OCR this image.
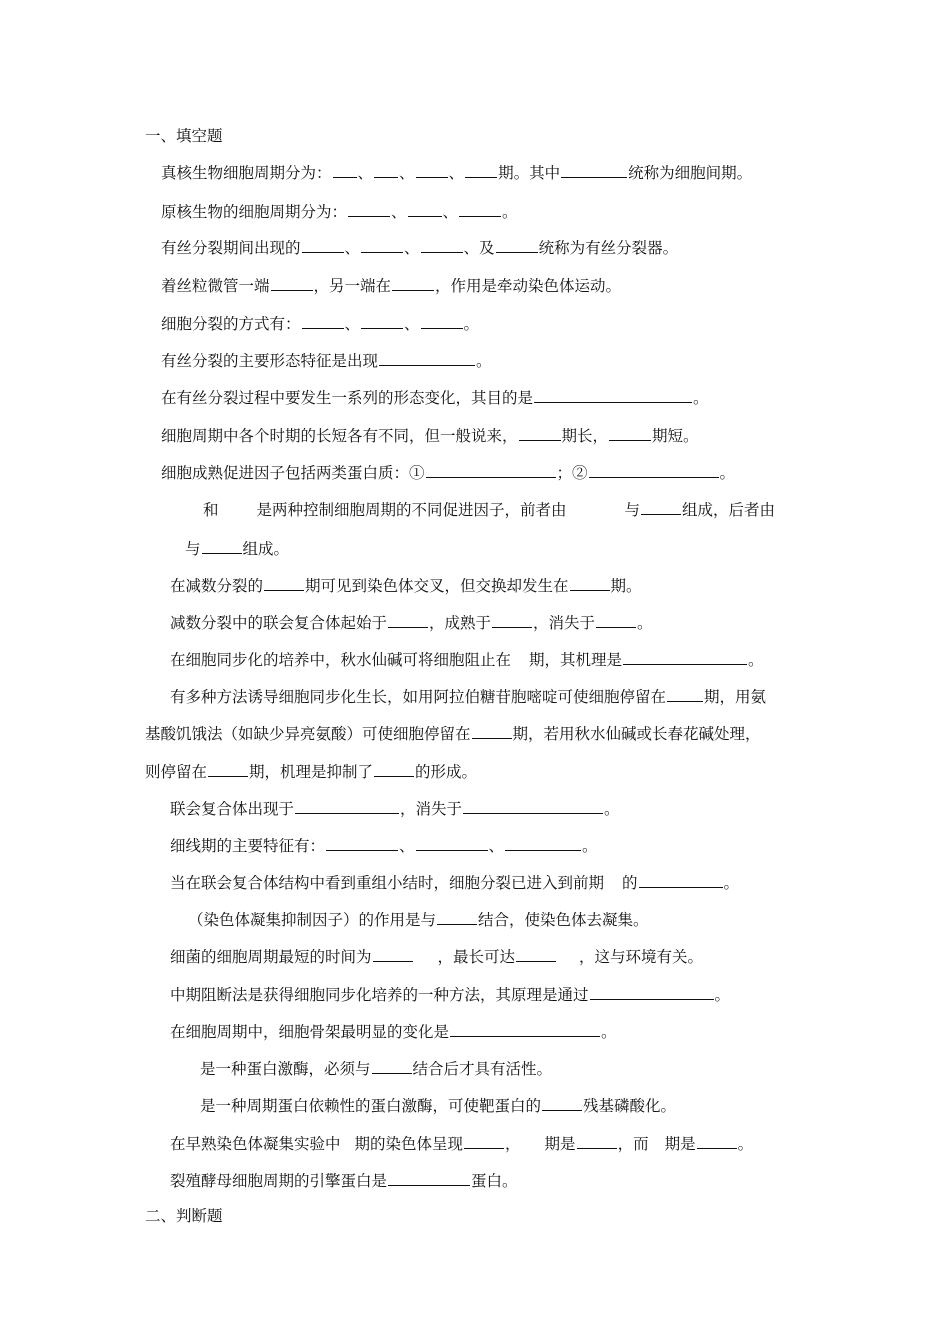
一、填空题
真核生物细胞周期分为： 、 、 、 期。其中	统称为细胞间期。
原核生物的细胞周期分为：	、 、	。
有丝分裂期间出现的	、	、	、及	统称为有丝分裂器。
着丝粒微管一端	，另一端在	，作用是牵动染色体运动。
细胞分裂的方式有：	、	、	。
有丝分裂的主要形态特征是出现	。
在有丝分裂过程中要发生一系列的形态变化，其目的是	。
细胞周期中各个时期的长短各有不同，但一般说来，	期长，	期短。
细胞成熟促进因子包括两类蛋白质：①	；②	。
和 是两种控制细胞周期的不同促进因子，前者由	与	组成，后者由
与	组成。
在减数分裂的	期可见到染色体交叉，但交换却发生在	期。
减数分裂中的联会复合体起始于	，成熟于	，消失于	。
在细胞同步化的培养中，秋水仙碱可将细胞阻止在 期，其机理是	。
有多种方法诱导细胞同步化生长，如用阿拉伯糖苷胞嘧啶可使细胞停留在 期，用氨
基酸饥饿法（如缺少异亮氨酸）可使细胞停留在	期，若用秋水仙碱或长春花碱处理，
则停留在	期，机理是抑制了	的形成。
联会复合体出现于	，消失于	。
细线期的主要特征有：	、	、	。
当在联会复合体结构中看到重组小结时，细胞分裂已进入到前期 的	。
（染色体凝集抑制因子）的作用是与	结合，使染色体去凝集。
细菌的细胞周期最短的时间为	，最长可达	，这与环境有关。
中期阻断法是获得细胞同步化培养的一种方法，其原理是通过	。
在细胞周期中，细胞骨架最明显的变化是	。
是一种蛋白激酶，必须与	结合后才具有活性。
是一种周期蛋白依赖性的蛋白激酶，可使靶蛋白的	残基磷酸化。
在早熟染色体凝集实验中 期的染色体呈现	， 期是	，而 期是	。
裂殖酵母细胞周期的引擎蛋白是	蛋白。
二、判断题
